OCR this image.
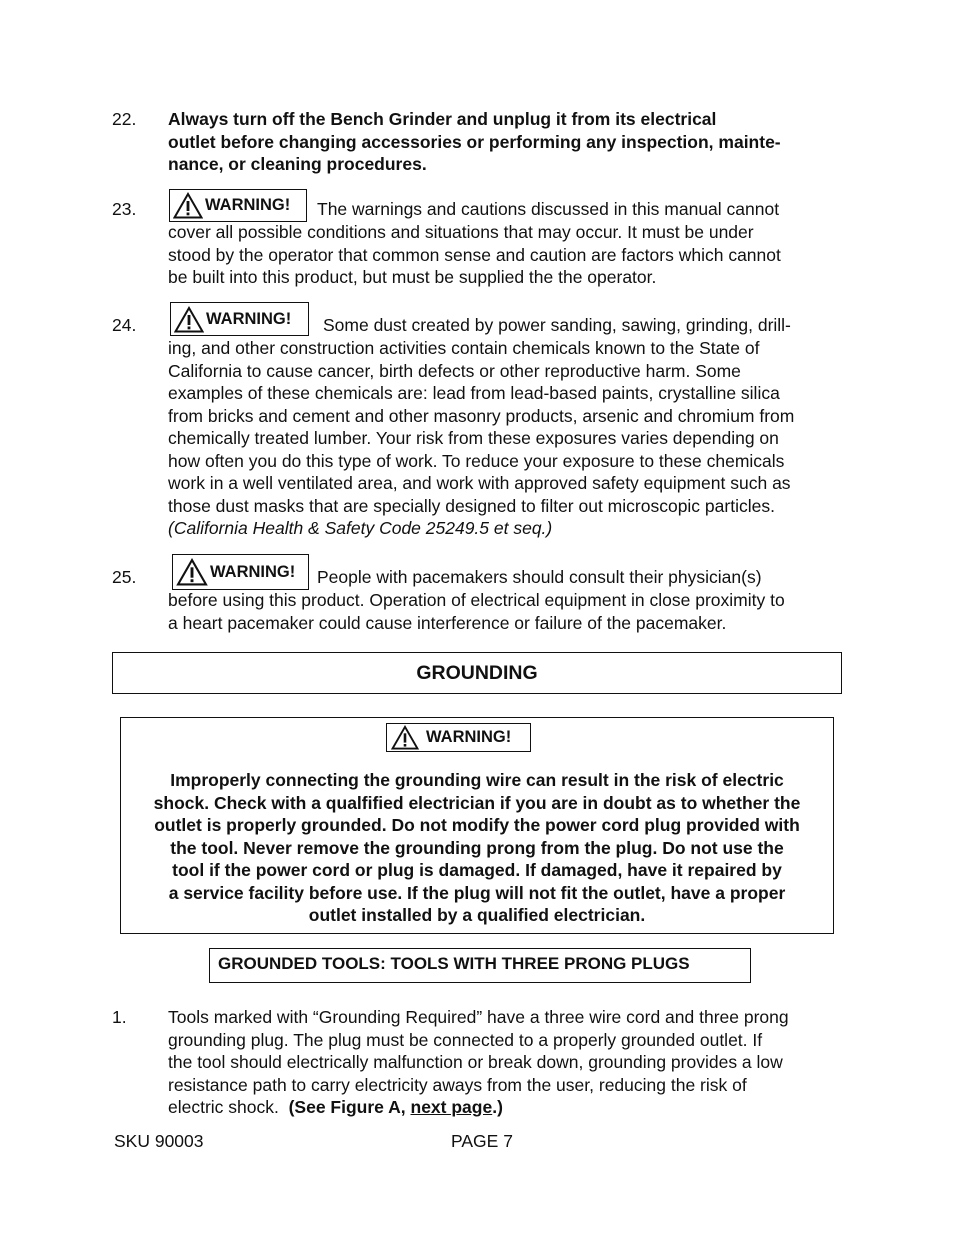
22. Always turn off the Bench Grinder and unplug it from its electrical
outlet before changing accessories or performing any inspection, mainte-
nance, or cleaning procedures.
23.	WARNING! The warnings and cautions discussed in this manual cannot
cover all possible conditions and situations that may occur. It must be under
stood by the operator that common sense and caution are factors which cannot
be built into this product, but must be supplied the the operator.
24.	WARNING! Some dust created by power sanding, sawing, grinding, drill-
ing, and other construction activities contain chemicals known to the State of
California to cause cancer, birth defects or other reproductive harm. Some
examples of these chemicals are: lead from lead-based paints, crystalline silica
from bricks and cement and other masonry products, arsenic and chromium from
chemically treated lumber. Your risk from these exposures varies depending on
how often you do this type of work. To reduce your exposure to these chemicals
work in a well ventilated area, and work with approved safety equipment such as
those dust masks that are specially designed to filter out microscopic particles.
(California Health & Safety Code 25249.5 et seq.)
25.	WARNING! People with pacemakers should consult their physician(s)
before using this product. Operation of electrical equipment in close proximity to
a heart pacemaker could cause interference or failure of the pacemaker.
GROUNDING
WARNING!
Improperly connecting the grounding wire can result in the risk of electric
shock. Check with a qualfified electrician if you are in doubt as to whether the
outlet is properly grounded. Do not modify the power cord plug provided with
the tool. Never remove the grounding prong from the plug. Do not use the
tool if the power cord or plug is damaged. If damaged, have it repaired by
a service facility before use. If the plug will not fit the outlet, have a proper
outlet installed by a qualified electrician.
GROUNDED TOOLS: TOOLS WITH THREE PRONG PLUGS
1. Tools marked with “Grounding Required” have a three wire cord and three prong
grounding plug. The plug must be connected to a properly grounded outlet. If
the tool should electrically malfunction or break down, grounding provides a low
resistance path to carry electricity aways from the user, reducing the risk of
electric shock. (See Figure A, next page.)
SKU 90003	PAGE 7
